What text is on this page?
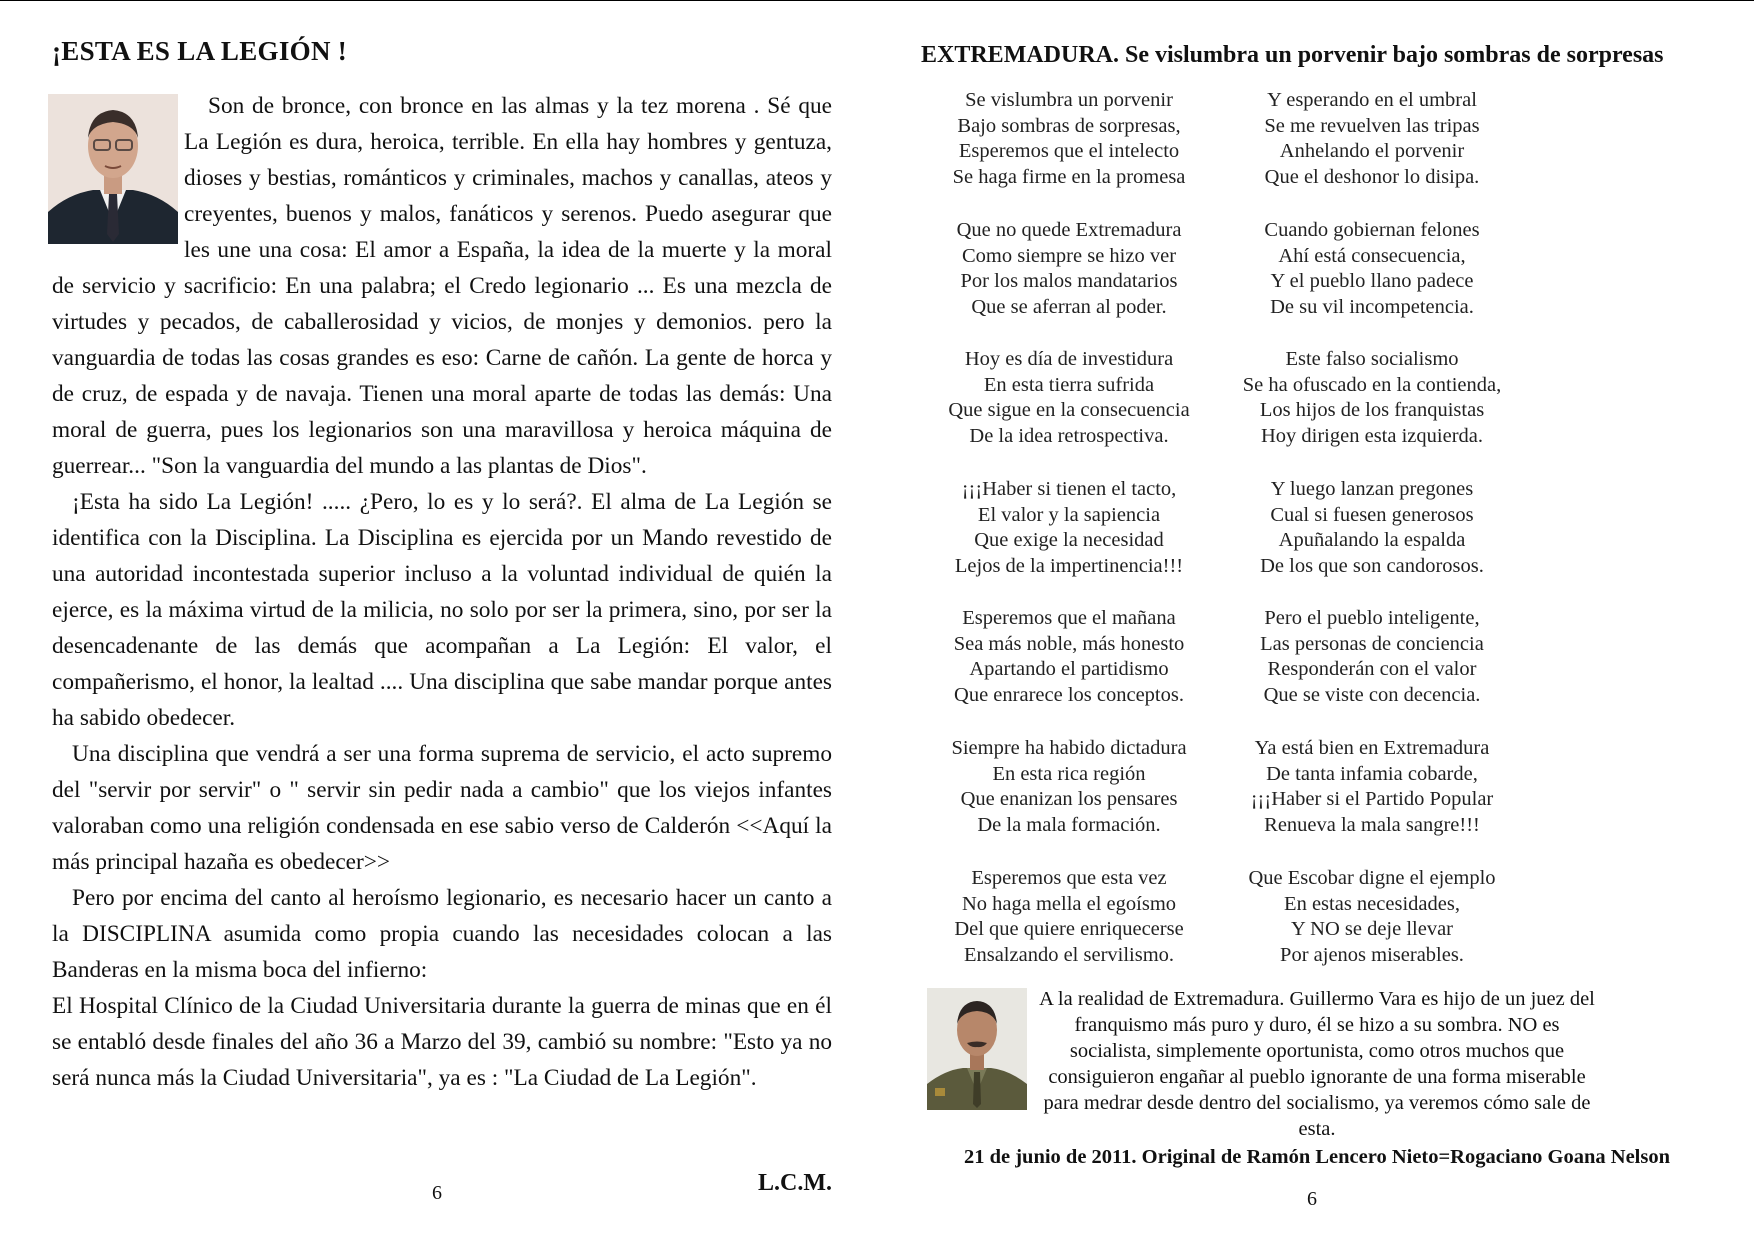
¡ESTA ES LA LEGIÓN !

Son de bronce, con bronce en las almas y la tez morena . Sé que La Legión es dura, heroica, terrible. En ella hay hombres y gentuza, dioses y bestias, románticos y criminales, machos y canallas, ateos y creyentes, buenos y malos, fanáticos y serenos. Puedo asegurar que les une una cosa: El amor a España, la idea de la muerte y la moral de servicio y sacrificio: En una palabra; el Credo legionario ... Es una mezcla de virtudes y pecados, de caballerosidad y vicios, de monjes y demonios. pero la vanguardia de todas las cosas grandes es eso: Carne de cañón. La gente de horca y de cruz, de espada y de navaja. Tienen una moral aparte de todas las demás: Una moral de guerra, pues los legionarios son una maravillosa y heroica máquina de guerrear... "Son la vanguardia del mundo a las plantas de Dios".

¡Esta ha sido La Legión! ..... ¿Pero, lo es y lo será?. El alma de La Legión se identifica con la Disciplina. La Disciplina es ejercida por un Mando revestido de una autoridad incontestada superior incluso a la voluntad individual de quién la ejerce, es la máxima virtud de la milicia, no solo por ser la primera, sino, por ser la desencadenante de las demás que acompañan a La Legión: El valor, el compañerismo, el honor, la lealtad .... Una disciplina que sabe mandar porque antes ha sabido obedecer.

Una disciplina que vendrá a ser una forma suprema de servicio, el acto supremo del "servir por servir" o " servir sin pedir nada a cambio" que los viejos infantes valoraban como una religión condensada en ese sabio verso de Calderón <<Aquí la más principal hazaña es obedecer>>

Pero por encima del canto al heroísmo legionario, es necesario hacer un canto a la DISCIPLINA asumida como propia cuando las necesidades colocan a las Banderas en la misma boca del infierno:

El Hospital Clínico de la Ciudad Universitaria durante la guerra de minas que en él se entabló desde finales del año 36 a Marzo del 39, cambió su nombre: "Esto ya no será nunca más la Ciudad Universitaria", ya es : "La Ciudad de La Legión".

L.C.M.
6
EXTREMADURA. Se vislumbra un porvenir bajo sombras de sorpresas
Se vislumbra un porvenir
Bajo sombras de sorpresas,
Esperemos que el intelecto
Se haga firme en la promesa
Que no quede Extremadura
Como siempre se hizo ver
Por los malos mandatarios
Que se aferran al poder.
Hoy es día de investidura
En esta tierra sufrida
Que sigue en la consecuencia
De la idea retrospectiva.
¡¡¡Haber si tienen el tacto,
El valor y la sapiencia
Que exige la necesidad
Lejos de la impertinencia!!!
Esperemos que el mañana
Sea más noble, más honesto
Apartando el partidismo
Que enrarece los conceptos.
Siempre ha habido dictadura
En esta rica región
Que enanizan los pensares
De la mala formación.
Esperemos que esta vez
No haga mella el egoísmo
Del que quiere enriquecerse
Ensalzando el servilismo.
Y esperando en el umbral
Se me revuelven las tripas
Anhelando el porvenir
Que el deshonor lo disipa.
Cuando gobiernan felones
Ahí está consecuencia,
Y el pueblo llano padece
De su vil incompetencia.
Este falso socialismo
Se ha ofuscado en la contienda,
Los hijos de los franquistas
Hoy dirigen esta izquierda.
Y luego lanzan pregones
Cual si fuesen generosos
Apuñalando la espalda
De los que son candorosos.
Pero el pueblo inteligente,
Las personas de conciencia
Responderán con el valor
Que se viste con decencia.
Ya está bien en Extremadura
De tanta infamia cobarde,
¡¡¡Haber si el Partido Popular
Renueva la mala sangre!!!
Que Escobar digne el ejemplo
En estas necesidades,
Y NO se deje llevar
Por ajenos miserables.

A la realidad de Extremadura. Guillermo Vara es hijo de un juez del franquismo más puro y duro, él se hizo a su sombra. NO es socialista, simplemente oportunista, como otros muchos que consiguieron engañar al pueblo ignorante de una forma miserable para medrar desde dentro del socialismo, ya veremos cómo sale de esta.

21 de junio de 2011. Original de Ramón Lencero Nieto=Rogaciano Goana Nelson

6
